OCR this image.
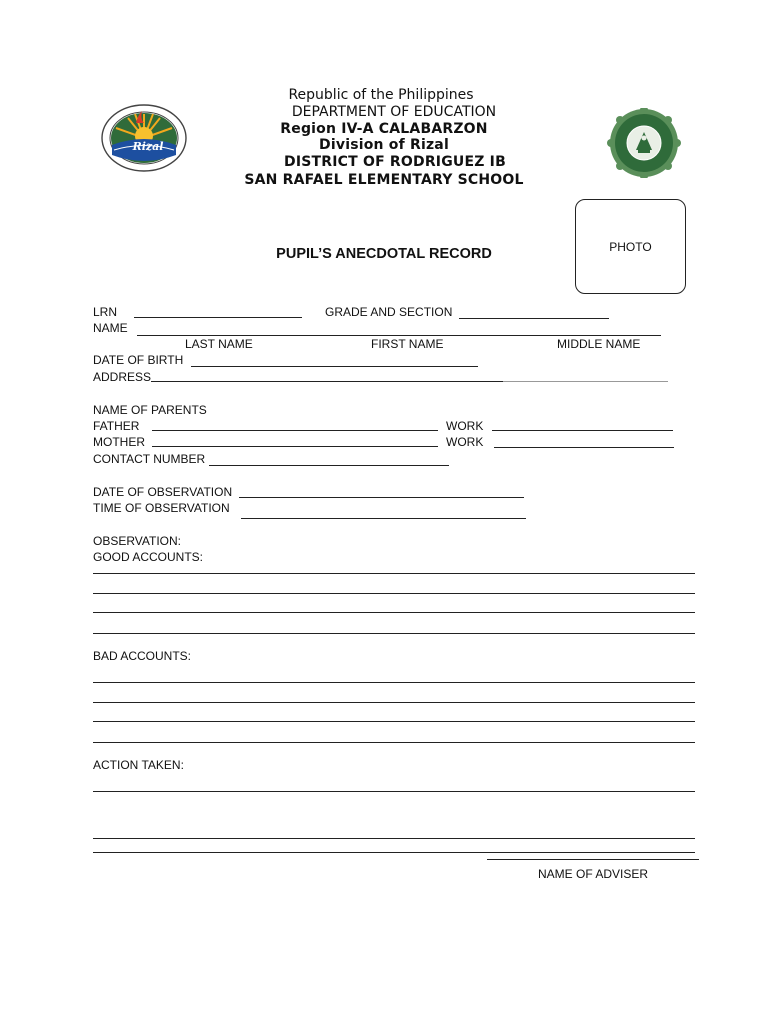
Rizal
Republic of the Philippines
DEPARTMENT OF EDUCATION
Region IV-A CALABARZON
Division of Rizal
DISTRICT OF RODRIGUEZ IB
SAN RAFAEL ELEMENTARY SCHOOL
PHOTO
PUPIL’S ANECDOTAL RECORD
LRN	GRADE AND SECTION
NAME
LAST NAME	FIRST NAME	MIDDLE NAME
DATE OF BIRTH
ADDRESS
NAME OF PARENTS
FATHER	WORK
MOTHER	WORK
CONTACT NUMBER
DATE OF OBSERVATION
TIME OF OBSERVATION
OBSERVATION:
GOOD ACCOUNTS:
BAD ACCOUNTS:
ACTION TAKEN:
NAME OF ADVISER
